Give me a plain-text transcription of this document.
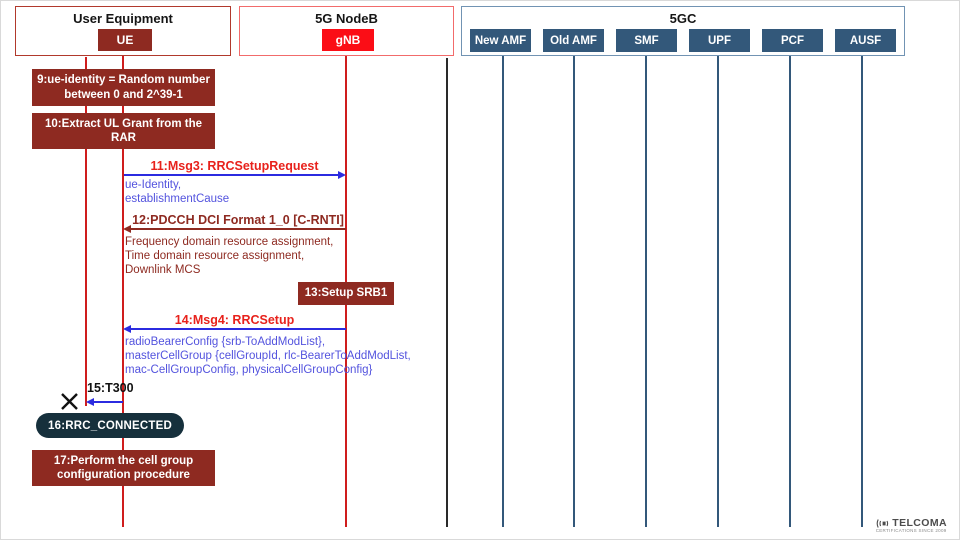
User Equipment
UE
5G NodeB
gNB
5GC
New AMF	Old AMF	SMF	UPF	PCF	AUSF
9:ue-identity = Random number between 0 and 2^39-1
10:Extract UL Grant from the RAR
11:Msg3: RRCSetupRequest
ue-Identity,
establishmentCause
12:PDCCH DCI Format 1_0 [C-RNTI]
Frequency domain resource assignment,
Time domain resource assignment,
Downlink MCS
13:Setup SRB1
14:Msg4: RRCSetup
radioBearerConfig {srb-ToAddModList},
masterCellGroup {cellGroupId, rlc-BearerToAddModList,
mac-CellGroupConfig, physicalCellGroupConfig}
15:T300
16:RRC_CONNECTED
17:Perform the cell group configuration procedure
TELCOMA
CERTIFICATIONS SINCE 2009
